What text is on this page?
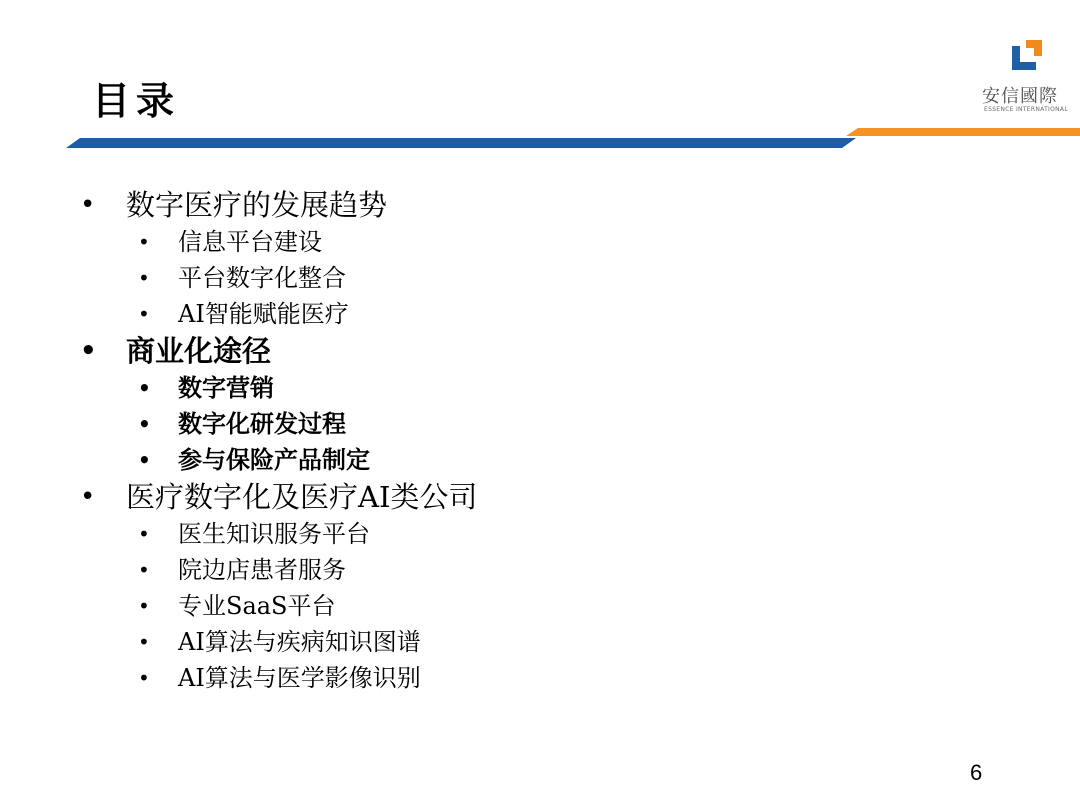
目录	安信國際
ESSENCE INTERNATIONAL
• 数字医疗的发展趋势
• 信息平台建设
• 平台数字化整合
• AI智能赋能医疗
• 商业化途径
• 数字营销
• 数字化研发过程
• 参与保险产品制定
• 医疗数字化及医疗AI类公司
• 医生知识服务平台
• 院边店患者服务
• 专业SaaS平台
• AI算法与疾病知识图谱
• AI算法与医学影像识别
6
